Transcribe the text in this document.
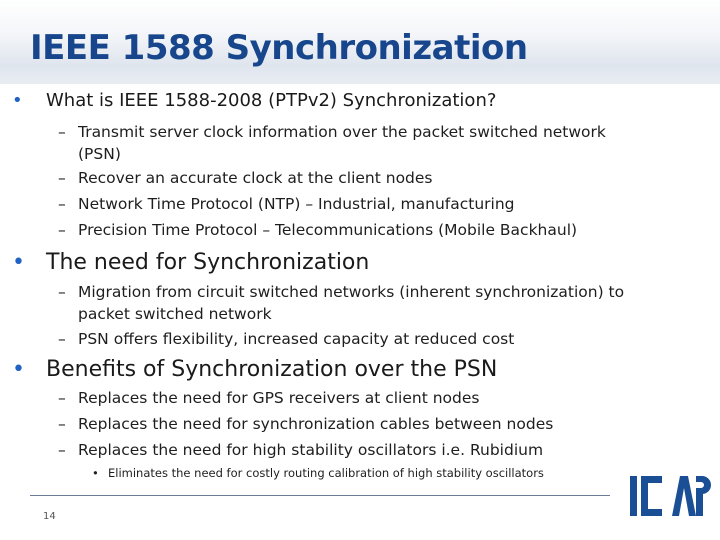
IEEE 1588 Synchronization
• What is IEEE 1588-2008 (PTPv2) Synchronization?
– Transmit server clock information over the packet switched network
(PSN)
– Recover an accurate clock at the client nodes
– Network Time Protocol (NTP) – Industrial, manufacturing
– Precision Time Protocol – Telecommunications (Mobile Backhaul)
• The need for Synchronization
– Migration from circuit switched networks (inherent synchronization) to
packet switched network
– PSN offers flexibility, increased capacity at reduced cost
• Benefits of Synchronization over the PSN
– Replaces the need for GPS receivers at client nodes
– Replaces the need for synchronization cables between nodes
– Replaces the need for high stability oscillators i.e. Rubidium
• Eliminates the need for costly routing calibration of high stability oscillators
14
